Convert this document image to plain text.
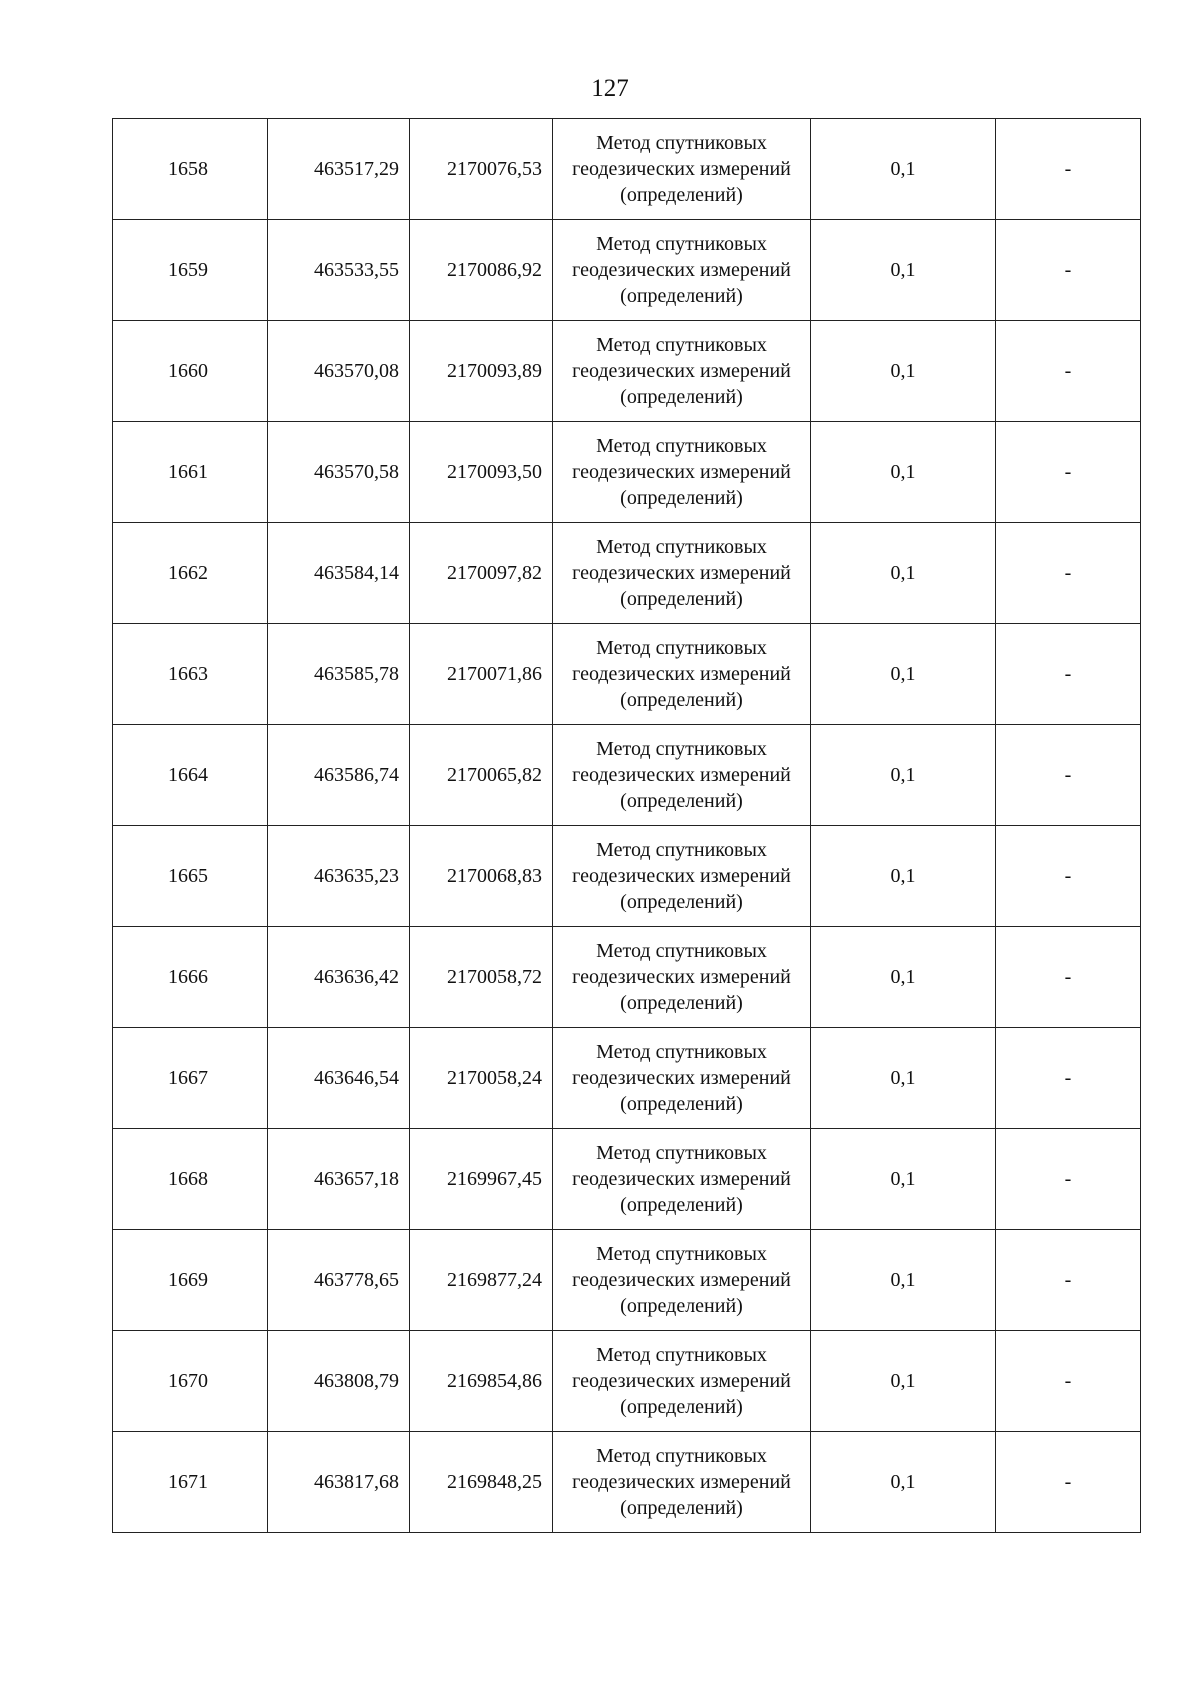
127
1658	463517,29	2170076,53	Метод спутниковых
геодезических измерений
(определений)	0,1	-
1659	463533,55	2170086,92	Метод спутниковых
геодезических измерений
(определений)	0,1	-
1660	463570,08	2170093,89	Метод спутниковых
геодезических измерений
(определений)	0,1	-
1661	463570,58	2170093,50	Метод спутниковых
геодезических измерений
(определений)	0,1	-
1662	463584,14	2170097,82	Метод спутниковых
геодезических измерений
(определений)	0,1	-
1663	463585,78	2170071,86	Метод спутниковых
геодезических измерений
(определений)	0,1	-
1664	463586,74	2170065,82	Метод спутниковых
геодезических измерений
(определений)	0,1	-
1665	463635,23	2170068,83	Метод спутниковых
геодезических измерений
(определений)	0,1	-
1666	463636,42	2170058,72	Метод спутниковых
геодезических измерений
(определений)	0,1	-
1667	463646,54	2170058,24	Метод спутниковых
геодезических измерений
(определений)	0,1	-
1668	463657,18	2169967,45	Метод спутниковых
геодезических измерений
(определений)	0,1	-
1669	463778,65	2169877,24	Метод спутниковых
геодезических измерений
(определений)	0,1	-
1670	463808,79	2169854,86	Метод спутниковых
геодезических измерений
(определений)	0,1	-
1671	463817,68	2169848,25	Метод спутниковых
геодезических измерений
(определений)	0,1	-
